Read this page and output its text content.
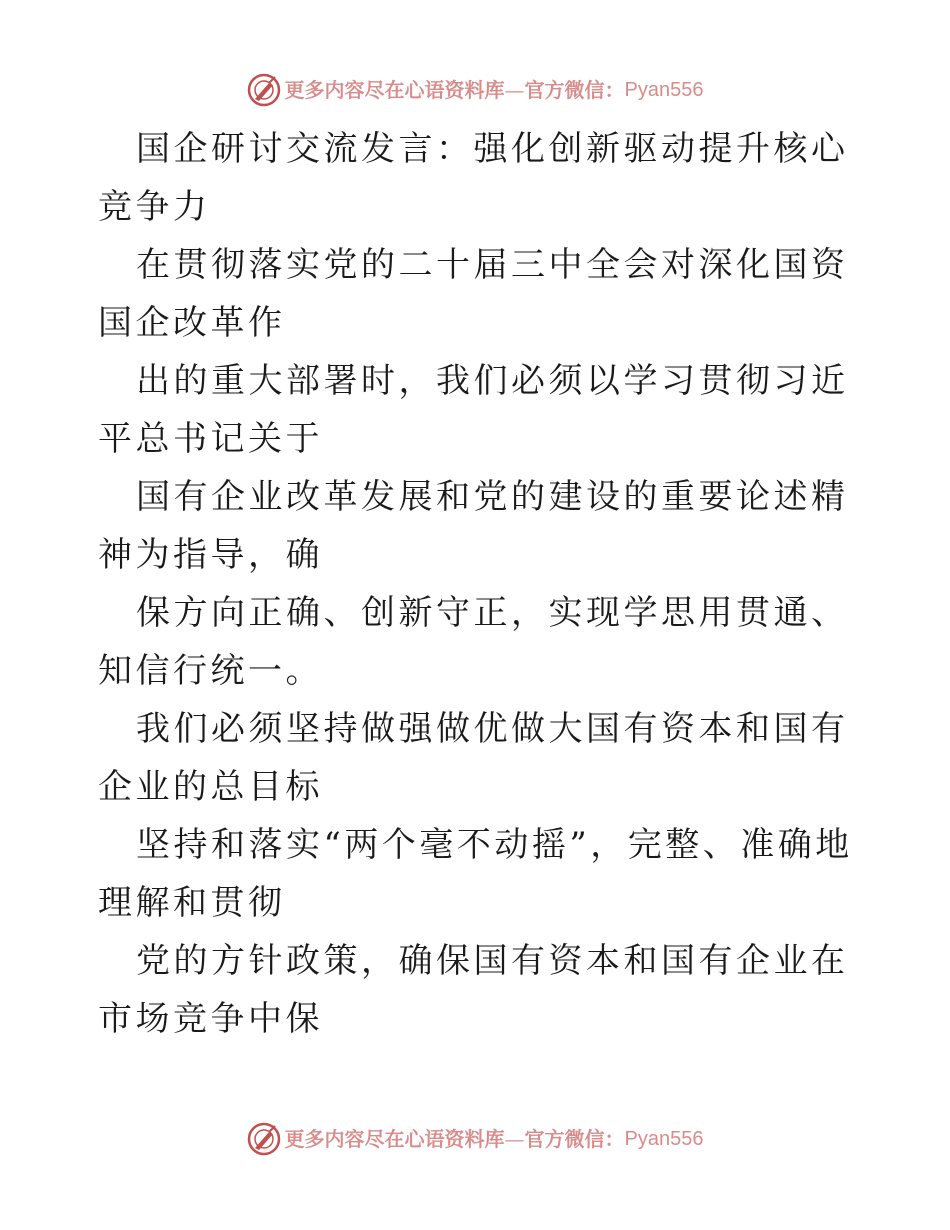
更多内容尽在心语资料库 — 官方微信： Pyan556

国企研讨交流发言：强化创新驱动提升核心竞争力

在贯彻落实党的二十届三中全会对深化国资国企改革作

出的重大部署时，我们必须以学习贯彻习近平总书记关于

国有企业改革发展和党的建设的重要论述精神为指导，确

保方向正确、创新守正，实现学思用贯通、知信行统一。

我们必须坚持做强做优做大国有资本和国有企业的总目标

坚持和落实“两个毫不动摇”，完整、准确地理解和贯彻

党的方针政策，确保国有资本和国有企业在市场竞争中保

更多内容尽在心语资料库 — 官方微信： Pyan556
